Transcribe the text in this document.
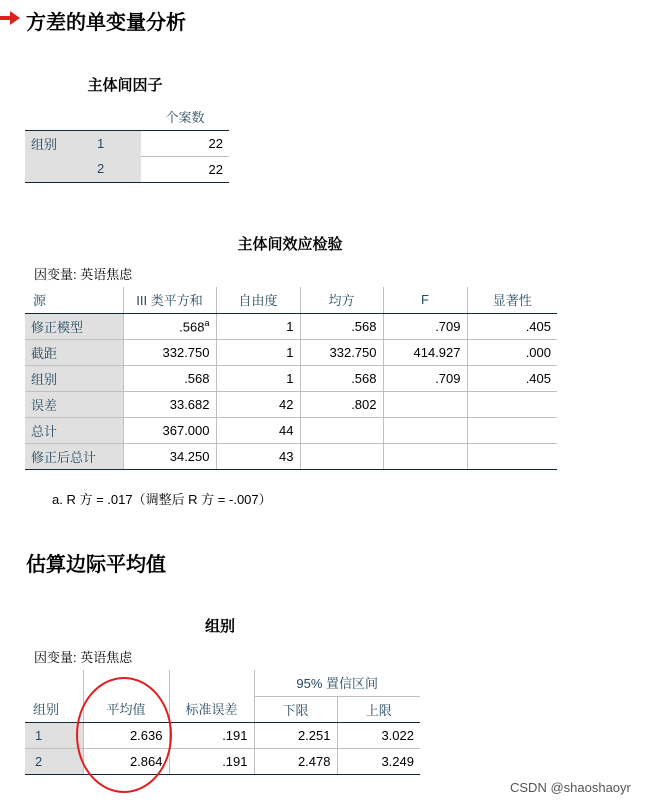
方差的单变量分析
主体间因子
		个案数
组别	1	22
	2	22
主体间效应检验
因变量: 英语焦虑
源	III 类平方和	自由度	均方	F	显著性
修正模型	.568$^a$	1	.568	.709	.405
截距	332.750	1	332.750	414.927	.000
组别	.568	1	.568	.709	.405
误差	33.682	42	.802		
总计	367.000	44			
修正后总计	34.250	43			
a. R 方 = .017（调整后 R 方 = -.007）
估算边际平均值
组别
因变量: 英语焦虑
			95% 置信区间	
组别	平均值	标准误差	下限	上限
1	2.636	.191	2.251	3.022
2	2.864	.191	2.478	3.249
CSDN @shaoshaoyr
